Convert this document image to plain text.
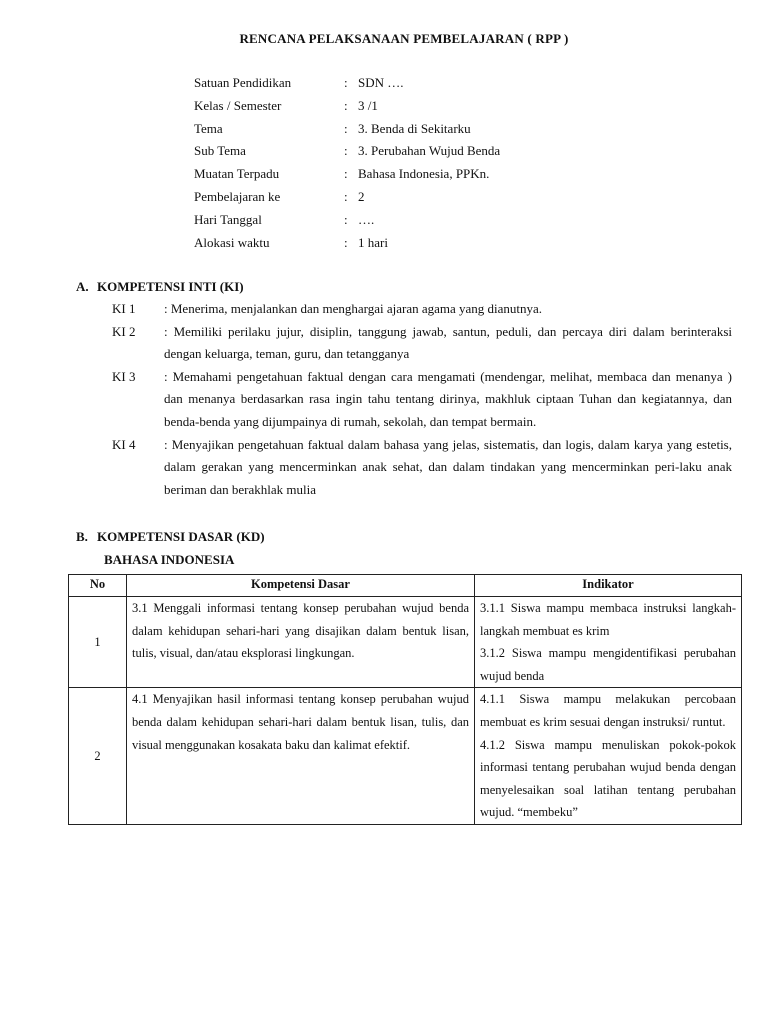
RENCANA PELAKSANAAN PEMBELAJARAN ( RPP )
Satuan Pendidikan	: SDN ….
Kelas / Semester	: 3 /1
Tema	: 3. Benda di Sekitarku
Sub Tema	: 3. Perubahan Wujud Benda
Muatan Terpadu	: Bahasa Indonesia, PPKn.
Pembelajaran ke	: 2
Hari Tanggal	: ….
Alokasi waktu	: 1 hari
A. KOMPETENSI INTI (KI)
KI 1	: Menerima, menjalankan dan menghargai ajaran agama yang dianutnya.
KI 2	: Memiliki perilaku jujur, disiplin, tanggung jawab, santun, peduli, dan percaya diri dalam berinteraksi dengan keluarga, teman, guru, dan tetangganya
KI 3	: Memahami pengetahuan faktual dengan cara mengamati (mendengar, melihat, membaca dan menanya ) dan menanya berdasarkan rasa ingin tahu tentang dirinya, makhluk ciptaan Tuhan dan kegiatannya, dan benda-benda yang dijumpainya di rumah, sekolah, dan tempat bermain.
KI 4	: Menyajikan pengetahuan faktual dalam bahasa yang jelas, sistematis, dan logis, dalam karya yang estetis, dalam gerakan yang mencerminkan anak sehat, dan dalam tindakan yang mencerminkan peri-laku anak beriman dan berakhlak mulia
B. KOMPETENSI DASAR (KD)
BAHASA INDONESIA
No	Kompetensi Dasar	Indikator
1	3.1 Menggali informasi tentang konsep perubahan wujud benda dalam kehidupan sehari-hari yang disajikan dalam bentuk lisan, tulis, visual, dan/atau eksplorasi lingkungan.	3.1.1 Siswa mampu membaca instruksi langkah-langkah membuat es krim
3.1.2 Siswa mampu mengidentifikasi perubahan wujud benda

2	4.1 Menyajikan hasil informasi tentang konsep perubahan wujud benda dalam kehidupan sehari-hari dalam bentuk lisan, tulis, dan visual menggunakan kosakata baku dan kalimat efektif.	4.1.1 Siswa mampu melakukan percobaan membuat es krim sesuai dengan instruksi/ runtut.
4.1.2 Siswa mampu menuliskan pokok-pokok informasi tentang perubahan wujud benda dengan menyelesaikan soal latihan tentang perubahan wujud. “membeku”
